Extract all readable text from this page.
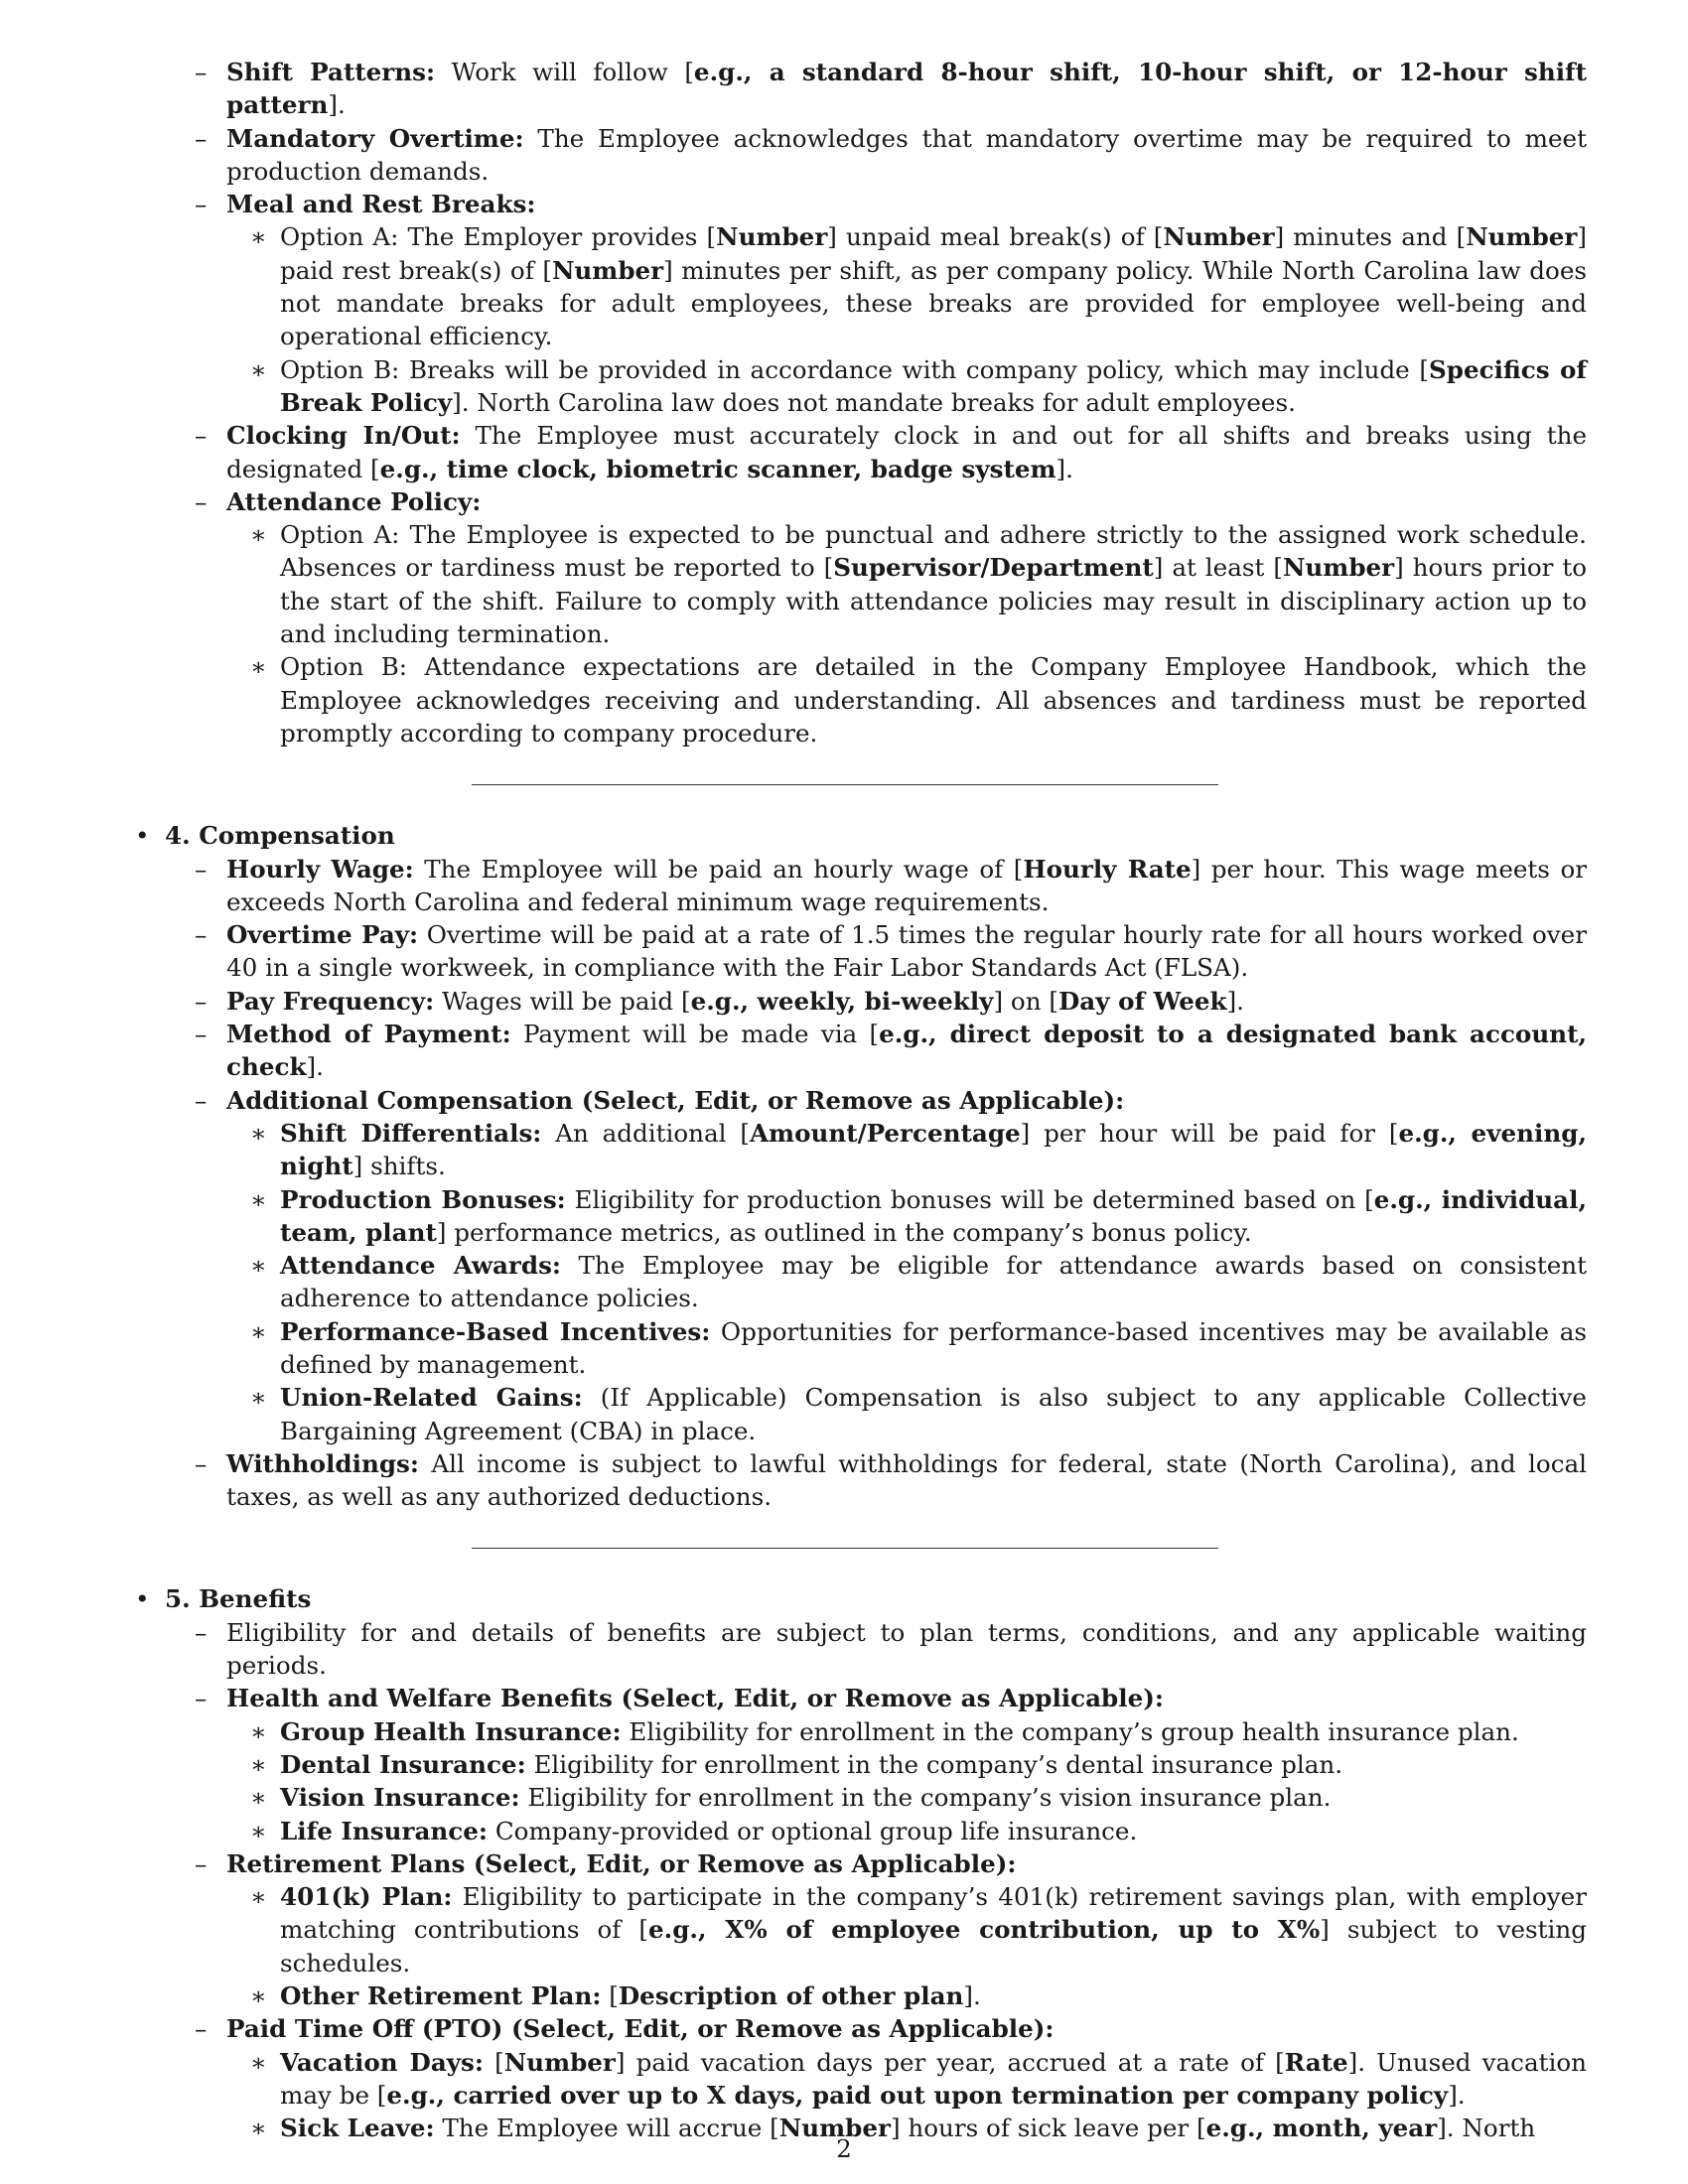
– Shift Patterns: Work will follow [e.g., a standard 8-hour shift, 10-hour shift, or 12-hour shift pattern].
– Mandatory Overtime: The Employee acknowledges that mandatory overtime may be required to meet production demands.
– Meal and Rest Breaks:
∗ Option A: The Employer provides [Number] unpaid meal break(s) of [Number] minutes and [Number] paid rest break(s) of [Number] minutes per shift, as per company policy. While North Carolina law does not mandate breaks for adult employees, these breaks are provided for employee well-being and operational efficiency.
∗ Option B: Breaks will be provided in accordance with company policy, which may include [Specifics of Break Policy]. North Carolina law does not mandate breaks for adult employees.
– Clocking In/Out: The Employee must accurately clock in and out for all shifts and breaks using the designated [e.g., time clock, biometric scanner, badge system].
– Attendance Policy:
∗ Option A: The Employee is expected to be punctual and adhere strictly to the assigned work schedule. Absences or tardiness must be reported to [Supervisor/Department] at least [Number] hours prior to the start of the shift. Failure to comply with attendance policies may result in disciplinary action up to and including termination.
∗ Option B: Attendance expectations are detailed in the Company Employee Handbook, which the Employee acknowledges receiving and understanding. All absences and tardiness must be reported promptly according to company procedure.
• 4. Compensation
– Hourly Wage: The Employee will be paid an hourly wage of [Hourly Rate] per hour. This wage meets or exceeds North Carolina and federal minimum wage requirements.
– Overtime Pay: Overtime will be paid at a rate of 1.5 times the regular hourly rate for all hours worked over 40 in a single workweek, in compliance with the Fair Labor Standards Act (FLSA).
– Pay Frequency: Wages will be paid [e.g., weekly, bi-weekly] on [Day of Week].
– Method of Payment: Payment will be made via [e.g., direct deposit to a designated bank account, check].
– Additional Compensation (Select, Edit, or Remove as Applicable):
∗ Shift Differentials: An additional [Amount/Percentage] per hour will be paid for [e.g., evening, night] shifts.
∗ Production Bonuses: Eligibility for production bonuses will be determined based on [e.g., individual, team, plant] performance metrics, as outlined in the company’s bonus policy.
∗ Attendance Awards: The Employee may be eligible for attendance awards based on consistent adherence to attendance policies.
∗ Performance-Based Incentives: Opportunities for performance-based incentives may be available as defined by management.
∗ Union-Related Gains: (If Applicable) Compensation is also subject to any applicable Collective Bargaining Agreement (CBA) in place.
– Withholdings: All income is subject to lawful withholdings for federal, state (North Carolina), and local taxes, as well as any authorized deductions.
• 5. Benefits
– Eligibility for and details of benefits are subject to plan terms, conditions, and any applicable waiting periods.
– Health and Welfare Benefits (Select, Edit, or Remove as Applicable):
∗ Group Health Insurance: Eligibility for enrollment in the company’s group health insurance plan.
∗ Dental Insurance: Eligibility for enrollment in the company’s dental insurance plan.
∗ Vision Insurance: Eligibility for enrollment in the company’s vision insurance plan.
∗ Life Insurance: Company-provided or optional group life insurance.
– Retirement Plans (Select, Edit, or Remove as Applicable):
∗ 401(k) Plan: Eligibility to participate in the company’s 401(k) retirement savings plan, with employer matching contributions of [e.g., X% of employee contribution, up to X%] subject to vesting schedules.
∗ Other Retirement Plan: [Description of other plan].
– Paid Time Off (PTO) (Select, Edit, or Remove as Applicable):
∗ Vacation Days: [Number] paid vacation days per year, accrued at a rate of [Rate]. Unused vacation may be [e.g., carried over up to X days, paid out upon termination per company policy].
∗ Sick Leave: The Employee will accrue [Number] hours of sick leave per [e.g., month, year]. North
2
